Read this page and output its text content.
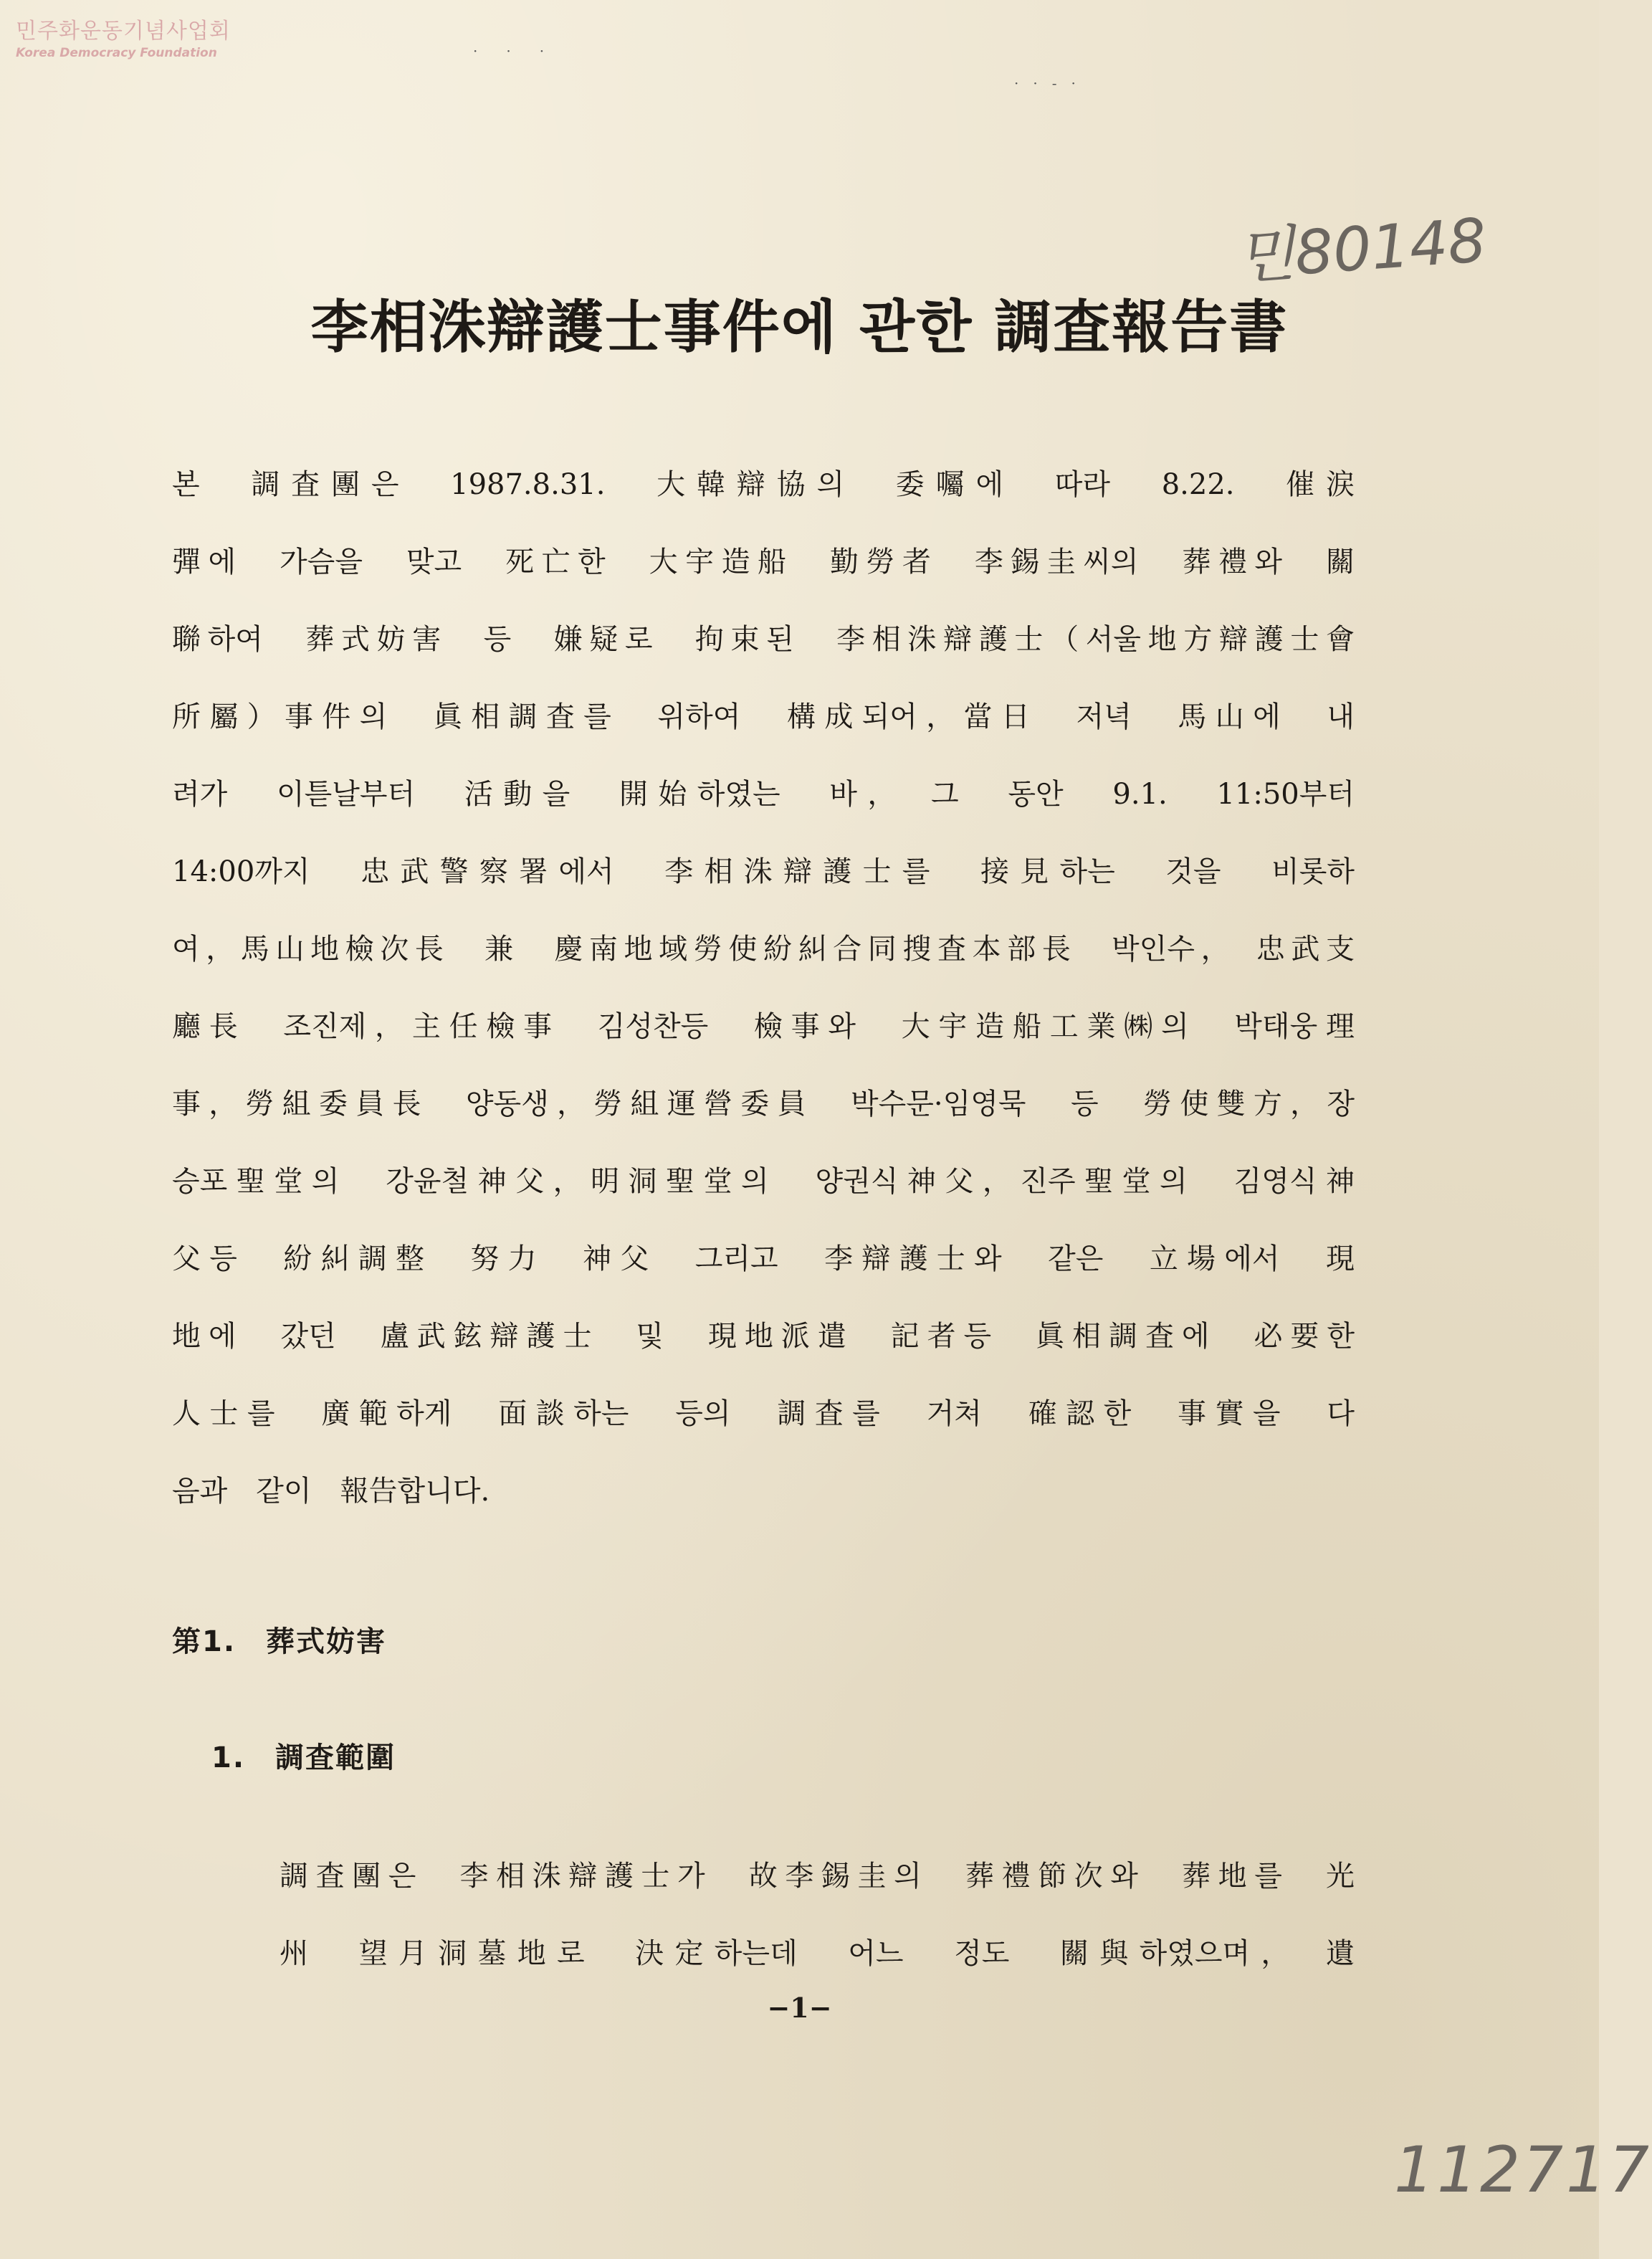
민주화운동기념사업회
Korea Democracy Foundation	·　　·　　·
·　·　-　·
민80148
李相洙辯護士事件에 관한 調査報告書
본　調査團은　1987.8.31.　大韓辯協의　委囑에　따라　8.22.　催涙
彈에　가슴을　맞고　死亡한　大宇造船　勤勞者　李錫圭씨의　葬禮와　關
聯하여　葬式妨害　등　嫌疑로　拘束된　李相洙辯護士（서울地方辯護士會
所屬）事件의　眞相調査를　위하여　構成되어，當日　저녁　馬山에　내
려가　이튿날부터　活動을　開始하였는　바，　그　동안　9.1.　11:50부터
14:00까지　忠武警察署에서　李相洙辯護士를　接見하는　것을　비롯하
여，馬山地檢次長　兼　慶南地域勞使紛糾合同搜査本部長　박인수，　忠武支
廳長　조진제，主任檢事　김성찬등　檢事와　大宇造船工業㈱의　박태웅理
事，勞組委員長　양동생，勞組運營委員　박수문·임영묵　등　勞使雙方，장
승포聖堂의　강윤철神父，明洞聖堂의　양권식神父，진주聖堂의　김영식神
父등　紛糾調整　努力　神父　그리고　李辯護士와　같은　立場에서　現
地에　갔던　盧武鉉辯護士　및　現地派遣　記者등　眞相調査에　必要한
人士를　廣範하게　面談하는　등의　調査를　거쳐　確認한　事實을　다
음과　같이　報告합니다.
第1.　葬式妨害
1.　調査範圍
調査團은　李相洙辯護士가　故李錫圭의　葬禮節次와　葬地를　光
州　望月洞墓地로　決定하는데　어느　정도　關與하였으며，　遺
−1−
112717
